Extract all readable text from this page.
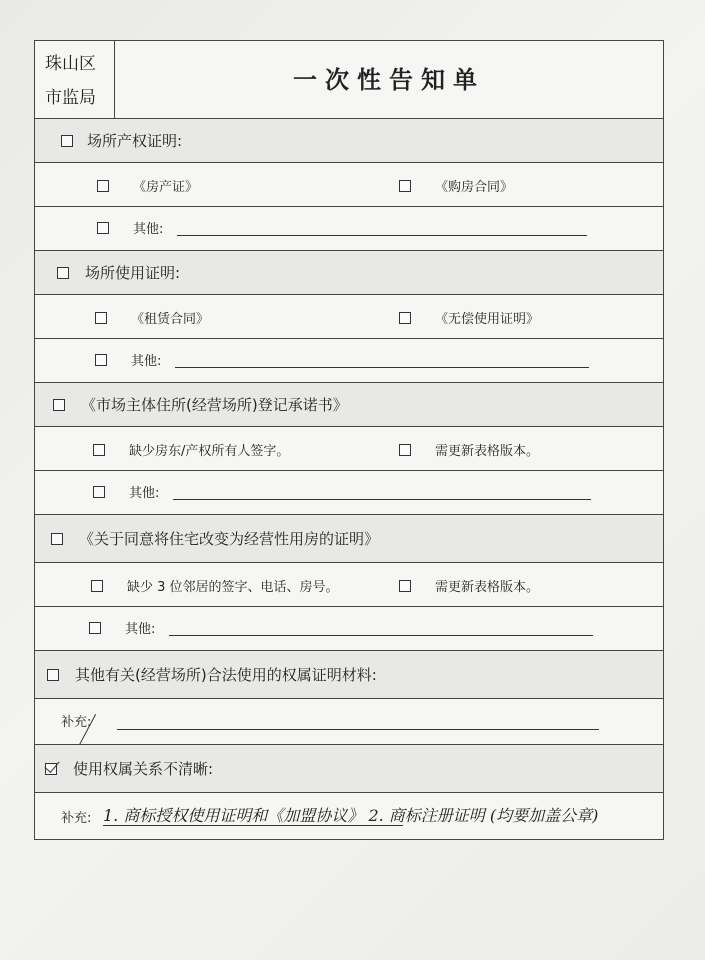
珠山区
市监局
一次性告知单
场所产权证明:
《房产证》	《购房合同》
其他:
场所使用证明:
《租赁合同》	《无偿使用证明》
其他:
《市场主体住所(经营场所)登记承诺书》
缺少房东/产权所有人签字。	需更新表格版本。
其他:
《关于同意将住宅改变为经营性用房的证明》
缺少 3 位邻居的签字、电话、房号。	需更新表格版本。
其他:
其他有关(经营场所)合法使用的权属证明材料:
补充:
使用权属关系不清晰:
补充: 1. 商标授权使用证明和《加盟协议》 2. 商标注册证明 (均要加盖公章)
